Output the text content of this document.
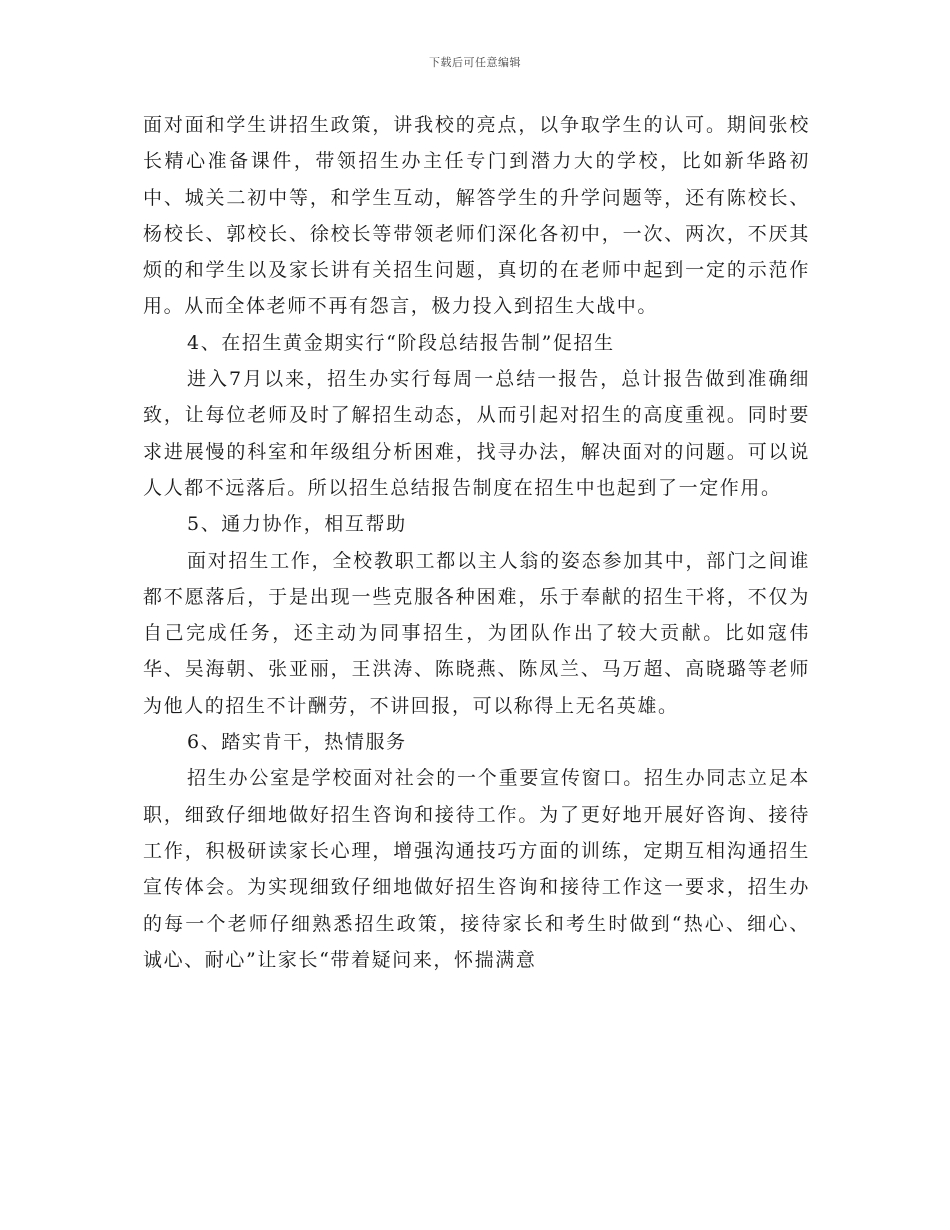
下载后可任意编辑

面对面和学生讲招生政策，讲我校的亮点，以争取学生的认可。期间张校长精心准备课件，带领招生办主任专门到潜力大的学校，比如新华路初中、城关二初中等，和学生互动，解答学生的升学问题等，还有陈校长、杨校长、郭校长、徐校长等带领老师们深化各初中，一次、两次，不厌其烦的和学生以及家长讲有关招生问题，真切的在老师中起到一定的示范作用。从而全体老师不再有怨言，极力投入到招生大战中。

4、在招生黄金期实行“阶段总结报告制”促招生

进入7月以来，招生办实行每周一总结一报告，总计报告做到准确细致，让每位老师及时了解招生动态，从而引起对招生的高度重视。同时要求进展慢的科室和年级组分析困难，找寻办法，解决面对的问题。可以说人人都不远落后。所以招生总结报告制度在招生中也起到了一定作用。

5、通力协作，相互帮助

面对招生工作，全校教职工都以主人翁的姿态参加其中，部门之间谁都不愿落后，于是出现一些克服各种困难，乐于奉献的招生干将，不仅为自己完成任务，还主动为同事招生，为团队作出了较大贡献。比如寇伟华、吴海朝、张亚丽，王洪涛、陈晓燕、陈凤兰、马万超、高晓璐等老师为他人的招生不计酬劳，不讲回报，可以称得上无名英雄。

6、踏实肯干，热情服务

招生办公室是学校面对社会的一个重要宣传窗口。招生办同志立足本职，细致仔细地做好招生咨询和接待工作。为了更好地开展好咨询、接待工作，积极研读家长心理，增强沟通技巧方面的训练，定期互相沟通招生宣传体会。为实现细致仔细地做好招生咨询和接待工作这一要求，招生办的每一个老师仔细熟悉招生政策，接待家长和考生时做到“热心、细心、诚心、耐心”让家长“带着疑问来，怀揣满意
